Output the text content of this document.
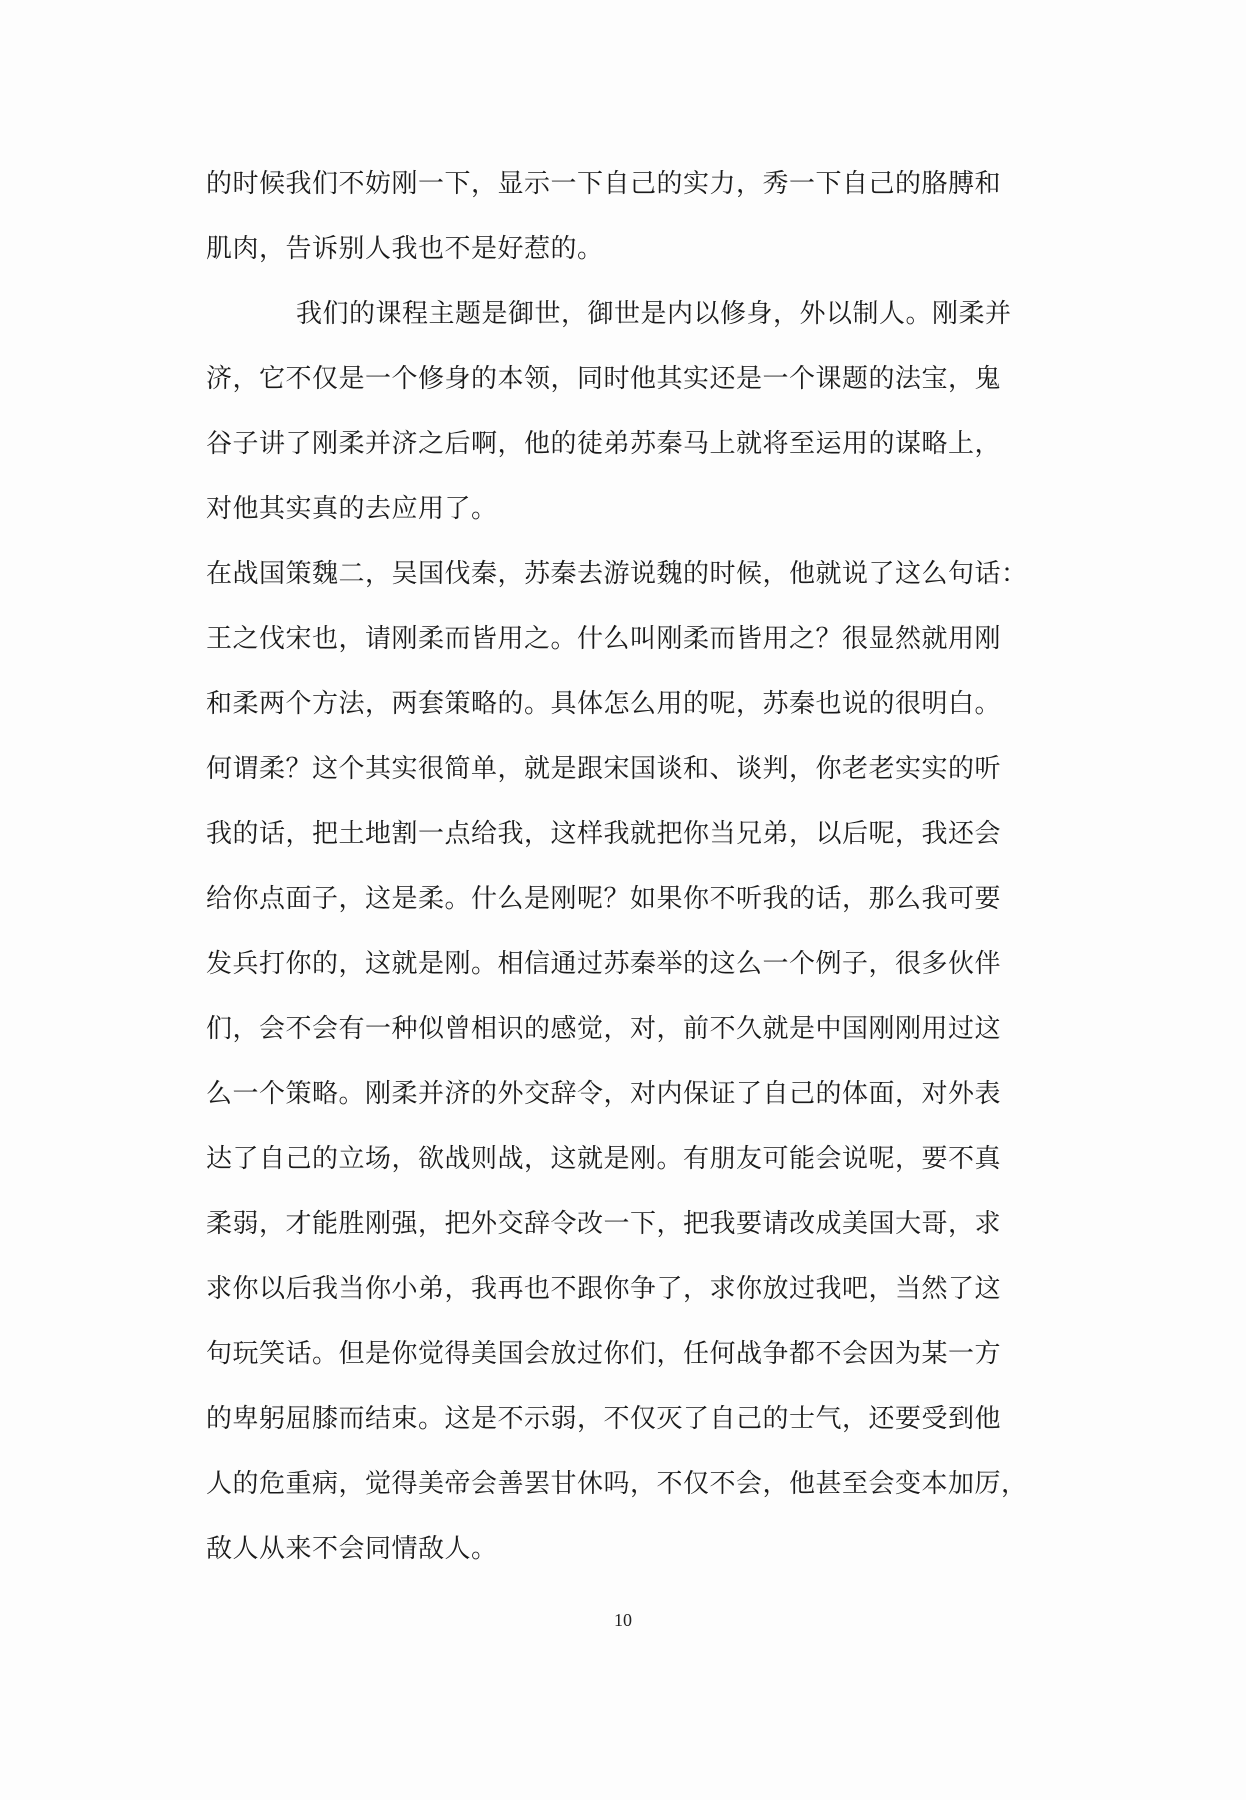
的时候我们不妨刚一下，显示一下自己的实力，秀一下自己的胳膊和
肌肉，告诉别人我也不是好惹的。
我们的课程主题是御世，御世是内以修身，外以制人。刚柔并
济，它不仅是一个修身的本领，同时他其实还是一个课题的法宝，鬼
谷子讲了刚柔并济之后啊，他的徒弟苏秦马上就将至运用的谋略上，
对他其实真的去应用了。
在战国策魏二，吴国伐秦，苏秦去游说魏的时候，他就说了这么句话：
王之伐宋也，请刚柔而皆用之。什么叫刚柔而皆用之？很显然就用刚
和柔两个方法，两套策略的。具体怎么用的呢，苏秦也说的很明白。
何谓柔？这个其实很简单，就是跟宋国谈和、谈判，你老老实实的听
我的话，把土地割一点给我，这样我就把你当兄弟，以后呢，我还会
给你点面子，这是柔。什么是刚呢？如果你不听我的话，那么我可要
发兵打你的，这就是刚。相信通过苏秦举的这么一个例子，很多伙伴
们，会不会有一种似曾相识的感觉，对，前不久就是中国刚刚用过这
么一个策略。刚柔并济的外交辞令，对内保证了自己的体面，对外表
达了自己的立场，欲战则战，这就是刚。有朋友可能会说呢，要不真
柔弱，才能胜刚强，把外交辞令改一下，把我要请改成美国大哥，求
求你以后我当你小弟，我再也不跟你争了，求你放过我吧，当然了这
句玩笑话。但是你觉得美国会放过你们，任何战争都不会因为某一方
的卑躬屈膝而结束。这是不示弱，不仅灭了自己的士气，还要受到他
人的危重病，觉得美帝会善罢甘休吗，不仅不会，他甚至会变本加厉，
敌人从来不会同情敌人。
10
